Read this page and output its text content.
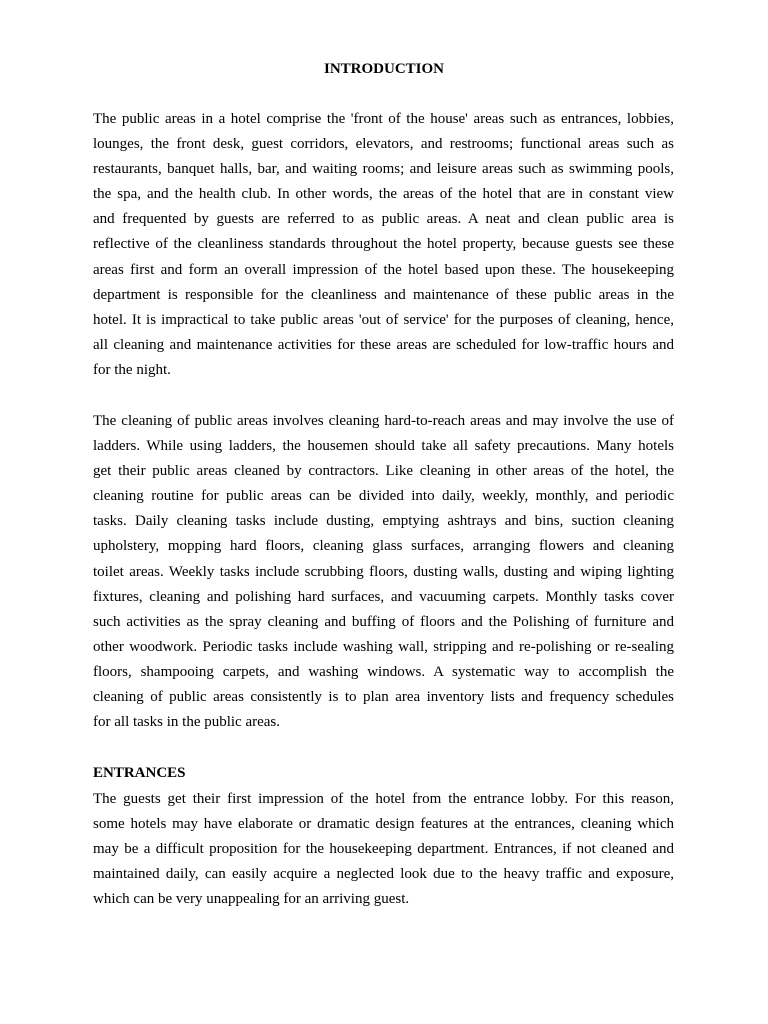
INTRODUCTION
The public areas in a hotel comprise the 'front of the house' areas such as entrances, lobbies,
lounges, the front desk, guest corridors, elevators, and restrooms; functional areas such as
restaurants, banquet halls, bar, and waiting rooms; and leisure areas such as swimming pools,
the spa, and the health club. In other words, the areas of the hotel that are in constant view
and frequented by guests are referred to as public areas. A neat and clean public area is
reflective of the cleanliness standards throughout the hotel property, because guests see these
areas first and form an overall impression of the hotel based upon these. The housekeeping
department is responsible for the cleanliness and maintenance of these public areas in the
hotel. It is impractical to take public areas 'out of service' for the purposes of cleaning, hence,
all cleaning and maintenance activities for these areas are scheduled for low-traffic hours and
for the night.
The cleaning of public areas involves cleaning hard-to-reach areas and may involve the use of
ladders. While using ladders, the housemen should take all safety precautions. Many hotels
get their public areas cleaned by contractors. Like cleaning in other areas of the hotel, the
cleaning routine for public areas can be divided into daily, weekly, monthly, and periodic
tasks. Daily cleaning tasks include dusting, emptying ashtrays and bins, suction cleaning
upholstery, mopping hard floors, cleaning glass surfaces, arranging flowers and cleaning
toilet areas. Weekly tasks include scrubbing floors, dusting walls, dusting and wiping lighting
fixtures, cleaning and polishing hard surfaces, and vacuuming carpets. Monthly tasks cover
such activities as the spray cleaning and buffing of floors and the Polishing of furniture and
other woodwork. Periodic tasks include washing wall, stripping and re-polishing or re-sealing
floors, shampooing carpets, and washing windows. A systematic way to accomplish the
cleaning of public areas consistently is to plan area inventory lists and frequency schedules
for all tasks in the public areas.
ENTRANCES
The guests get their first impression of the hotel from the entrance lobby. For this reason,
some hotels may have elaborate or dramatic design features at the entrances, cleaning which
may be a difficult proposition for the housekeeping department. Entrances, if not cleaned and
maintained daily, can easily acquire a neglected look due to the heavy traffic and exposure,
which can be very unappealing for an arriving guest.
